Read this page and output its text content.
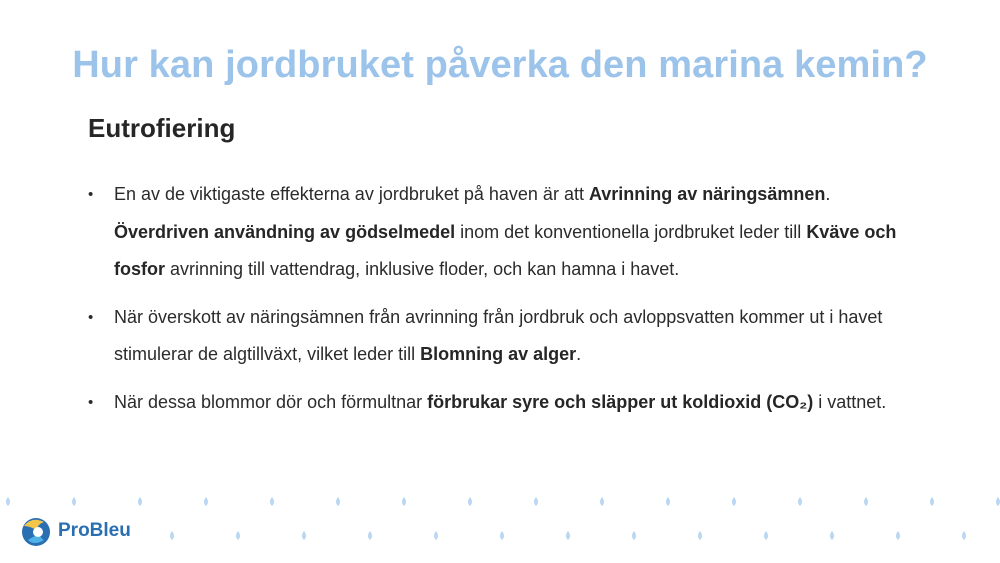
Hur kan jordbruket påverka den marina kemin?
Eutrofiering
• En av de viktigaste effekterna av jordbruket på haven är att Avrinning av näringsämnen. Överdriven användning av gödselmedel inom det konventionella jordbruket leder till Kväve och fosfor avrinning till vattendrag, inklusive floder, och kan hamna i havet.
• När överskott av näringsämnen från avrinning från jordbruk och avloppsvatten kommer ut i havet stimulerar de algtillväxt, vilket leder till Blomning av alger.
• När dessa blommor dör och förmultnar förbrukar syre och släpper ut koldioxid (CO₂) i vattnet.

ProBleu
